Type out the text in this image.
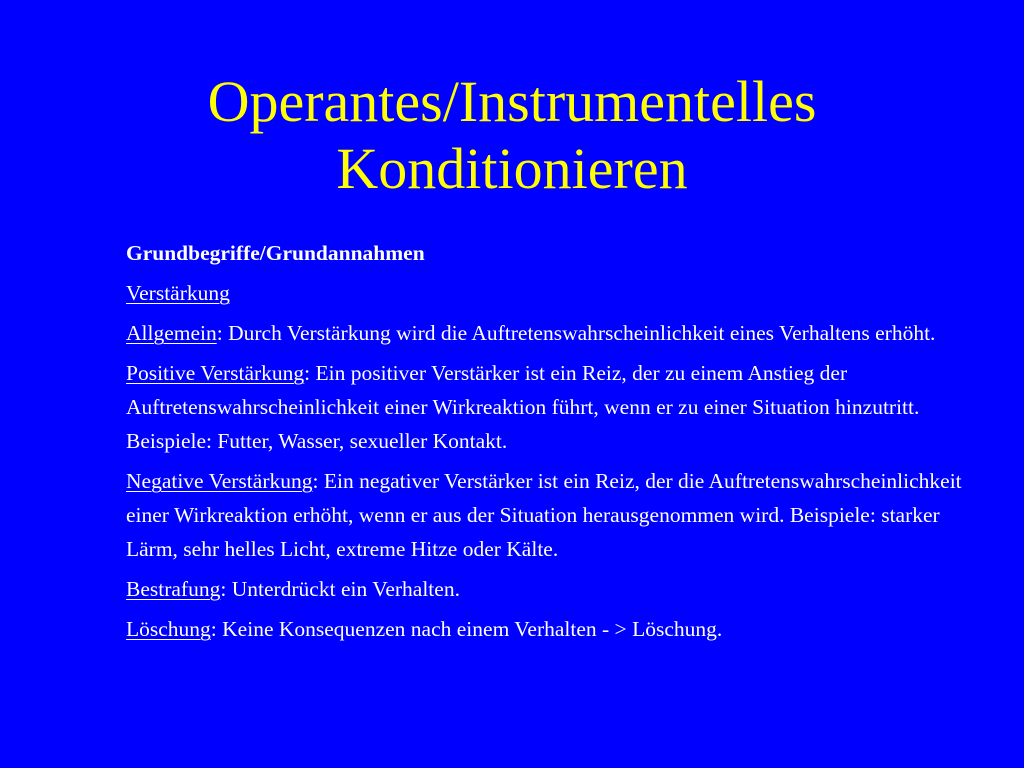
Operantes/Instrumentelles
Konditionieren
Grundbegriffe/Grundannahmen
Verstärkung
Allgemein: Durch Verstärkung wird die Auftretenswahrscheinlichkeit eines Verhaltens erhöht.
Positive Verstärkung: Ein positiver Verstärker ist ein Reiz, der zu einem Anstieg der Auftretenswahrscheinlichkeit einer Wirkreaktion führt, wenn er zu einer Situation hinzutritt. Beispiele: Futter, Wasser, sexueller Kontakt.
Negative Verstärkung: Ein negativer Verstärker ist ein Reiz, der die Auftretenswahrscheinlichkeit einer Wirkreaktion erhöht, wenn er aus der Situation herausgenommen wird. Beispiele: starker Lärm, sehr helles Licht, extreme Hitze oder Kälte.
Bestrafung: Unterdrückt ein Verhalten.
Löschung: Keine Konsequenzen nach einem Verhalten - > Löschung.
